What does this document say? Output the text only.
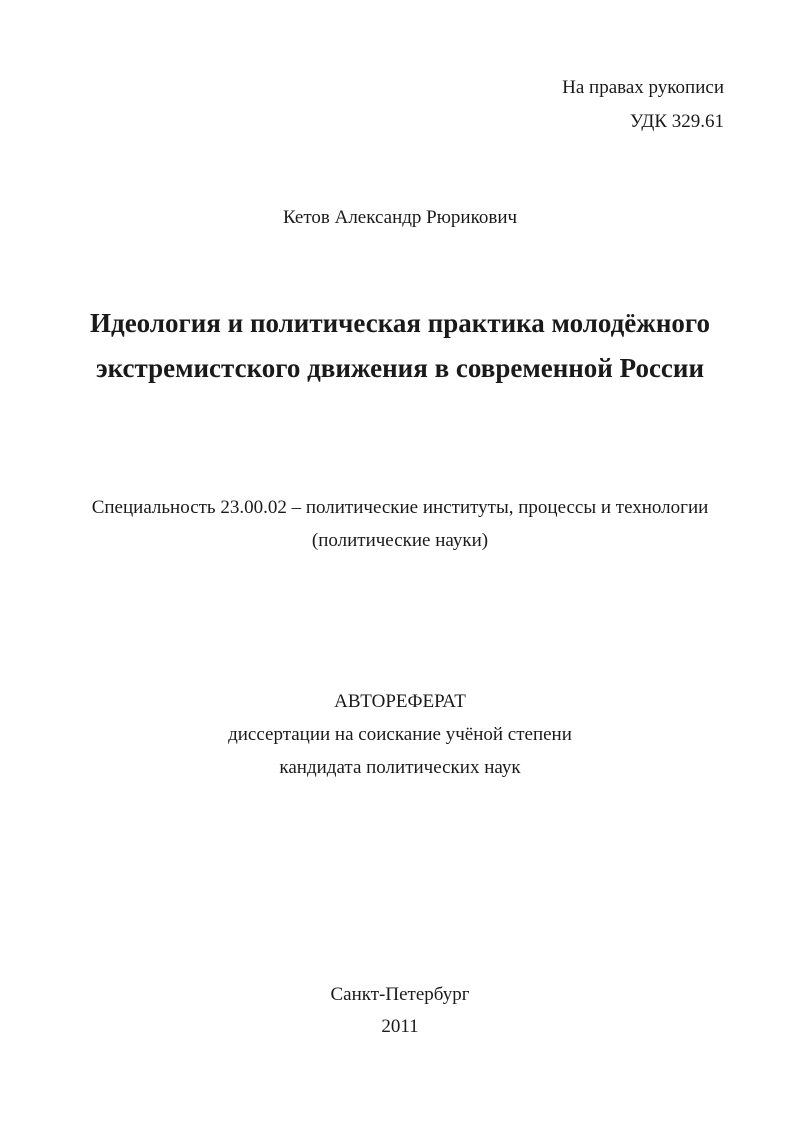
На правах рукописи
УДК 329.61
Кетов Александр Рюрикович
Идеология и политическая практика молодёжного
экстремистского движения в современной России
Специальность 23.00.02 – политические институты, процессы и технологии
(политические науки)
АВТОРЕФЕРАТ
диссертации на соискание учёной степени
кандидата политических наук
Санкт-Петербург
2011
